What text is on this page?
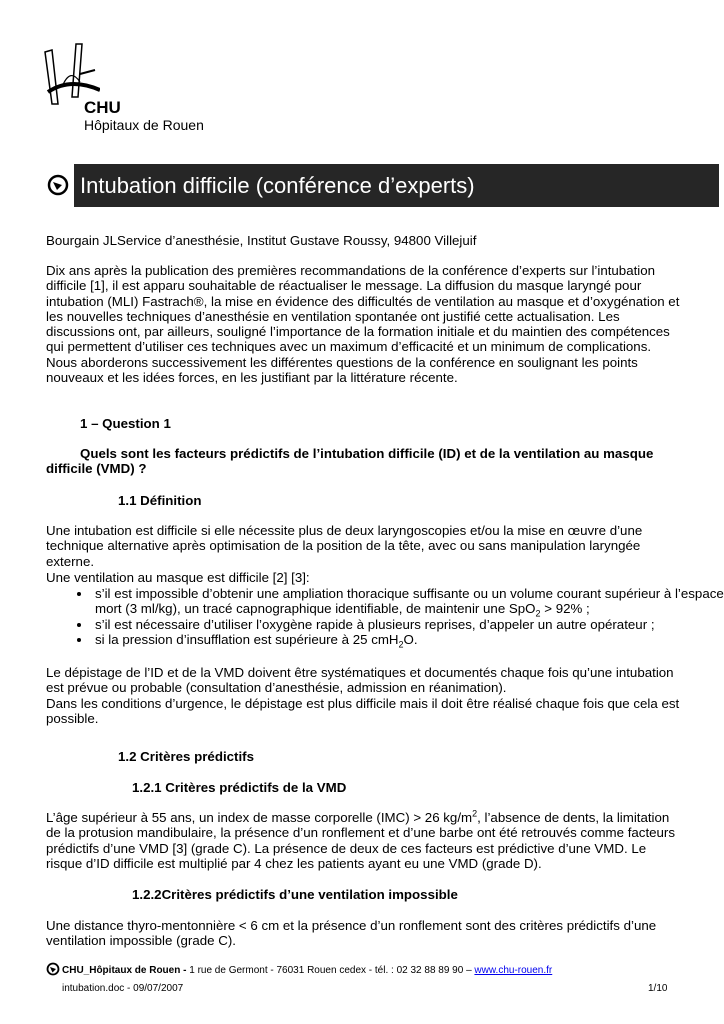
CHU
Hôpitaux de Rouen
Intubation difficile (conférence d’experts)

Bourgain JLService d’anesthésie, Institut Gustave Roussy, 94800 Villejuif

Dix ans après la publication des premières recommandations de la conférence d’experts sur l’intubation difficile [1], il est apparu souhaitable de réactualiser le message. La diffusion du masque laryngé pour intubation (MLI) Fastrach®, la mise en évidence des difficultés de ventilation au masque et d’oxygénation et les nouvelles techniques d’anesthésie en ventilation spontanée ont justifié cette actualisation. Les discussions ont, par ailleurs, souligné l’importance de la formation initiale et du maintien des compétences qui permettent d’utiliser ces techniques avec un maximum d’efficacité et un minimum de complications. Nous aborderons successivement les différentes questions de la conférence en soulignant les points nouveaux et les idées forces, en les justifiant par la littérature récente.

1 – Question 1

Quels sont les facteurs prédictifs de l’intubation difficile (ID) et de la ventilation au masque difficile (VMD) ?

1.1 Définition

Une intubation est difficile si elle nécessite plus de deux laryngoscopies et/ou la mise en œuvre d’une technique alternative après optimisation de la position de la tête, avec ou sans manipulation laryngée externe.

Une ventilation au masque est difficile [2] [3]:

• s’il est impossible d’obtenir une ampliation thoracique suffisante ou un volume courant supérieur à l’espace mort (3 ml/kg), un tracé capnographique identifiable, de maintenir une SpO$_2$ > 92% ;
• s’il est nécessaire d’utiliser l’oxygène rapide à plusieurs reprises, d’appeler un autre opérateur ;
• si la pression d’insufflation est supérieure à 25 cmH$_2$O.

Le dépistage de l’ID et de la VMD doivent être systématiques et documentés chaque fois qu’une intubation est prévue ou probable (consultation d’anesthésie, admission en réanimation).

Dans les conditions d’urgence, le dépistage est plus difficile mais il doit être réalisé chaque fois que cela est possible.

1.2 Critères prédictifs

1.2.1 Critères prédictifs de la VMD

L’âge supérieur à 55 ans, un index de masse corporelle (IMC) > 26 $kg/m^2$, l’absence de dents, la limitation de la protusion mandibulaire, la présence d’un ronflement et d’une barbe ont été retrouvés comme facteurs prédictifs d’une VMD [3] (grade C). La présence de deux de ces facteurs est prédictive d’une VMD. Le risque d’ID difficile est multiplié par 4 chez les patients ayant eu une VMD (grade D).

1.2.2Critères prédictifs d’une ventilation impossible

Une distance thyro-mentonnière < 6 cm et la présence d’un ronflement sont des critères prédictifs d’une ventilation impossible (grade C).

CHU_Hôpitaux de Rouen - 1 rue de Germont - 76031 Rouen cedex - tél. : 02 32 88 89 90 – www.chu-rouen.fr
intubation.doc - 09/07/2007	1/10
